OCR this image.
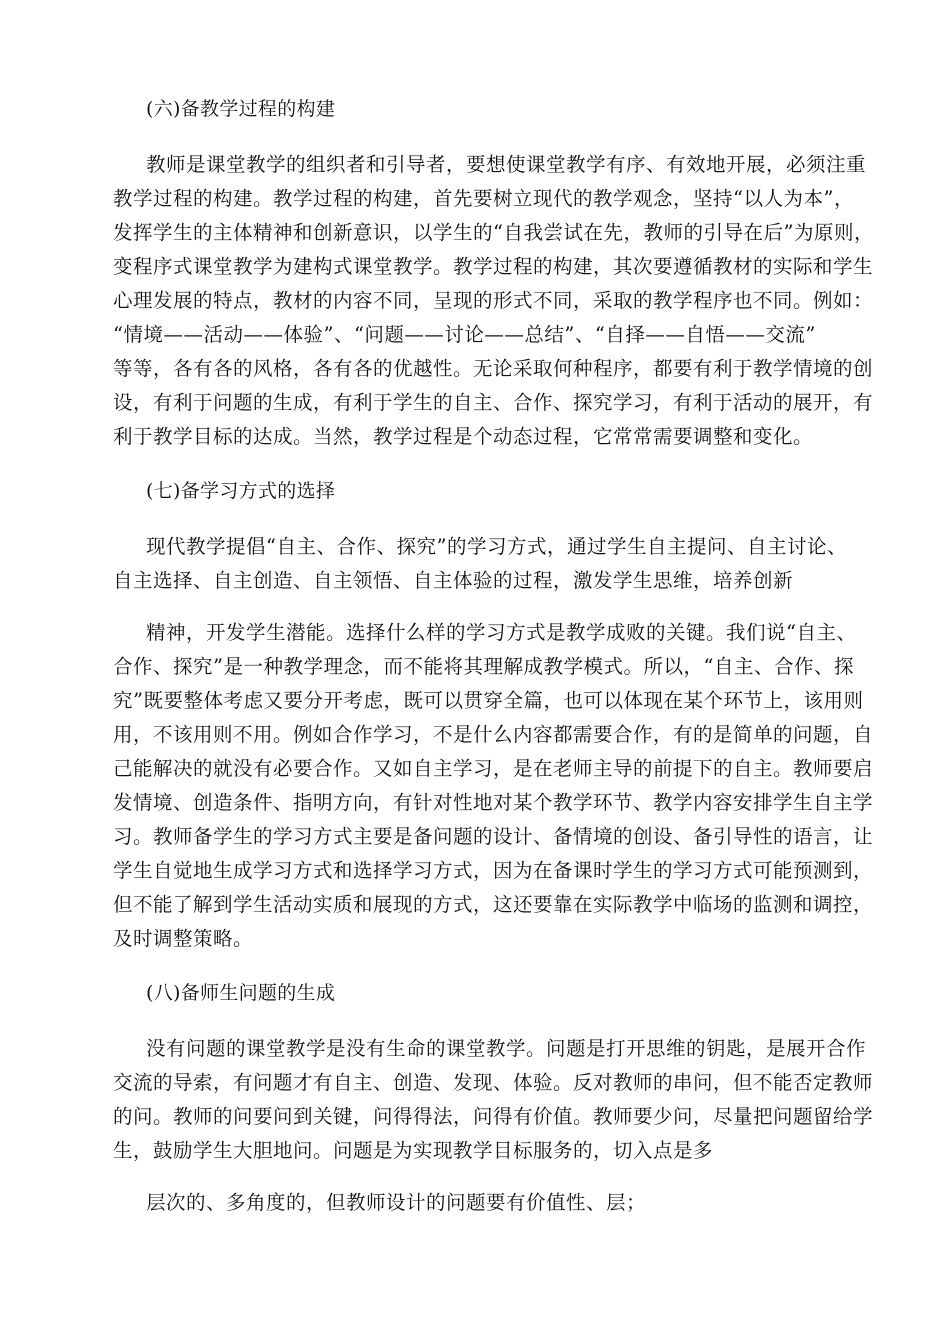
(六)备教学过程的构建
教师是课堂教学的组织者和引导者，要想使课堂教学有序、有效地开展，必须注重
教学过程的构建。教学过程的构建，首先要树立现代的教学观念，坚持“以人为本”，
发挥学生的主体精神和创新意识，以学生的“自我尝试在先，教师的引导在后”为原则，
变程序式课堂教学为建构式课堂教学。教学过程的构建，其次要遵循教材的实际和学生
心理发展的特点，教材的内容不同，呈现的形式不同，采取的教学程序也不同。例如：
“情境——活动——体验”、“问题——讨论——总结”、“自择——自悟——交流”
等等，各有各的风格，各有各的优越性。无论采取何种程序，都要有利于教学情境的创
设，有利于问题的生成，有利于学生的自主、合作、探究学习，有利于活动的展开，有
利于教学目标的达成。当然，教学过程是个动态过程，它常常需要调整和变化。
(七)备学习方式的选择
现代教学提倡“自主、合作、探究”的学习方式，通过学生自主提问、自主讨论、
自主选择、自主创造、自主领悟、自主体验的过程，激发学生思维，培养创新
精神，开发学生潜能。选择什么样的学习方式是教学成败的关键。我们说“自主、
合作、探究”是一种教学理念，而不能将其理解成教学模式。所以，“自主、合作、探
究”既要整体考虑又要分开考虑，既可以贯穿全篇，也可以体现在某个环节上，该用则
用，不该用则不用。例如合作学习，不是什么内容都需要合作，有的是简单的问题，自
己能解决的就没有必要合作。又如自主学习，是在老师主导的前提下的自主。教师要启
发情境、创造条件、指明方向，有针对性地对某个教学环节、教学内容安排学生自主学
习。教师备学生的学习方式主要是备问题的设计、备情境的创设、备引导性的语言，让
学生自觉地生成学习方式和选择学习方式，因为在备课时学生的学习方式可能预测到，
但不能了解到学生活动实质和展现的方式，这还要靠在实际教学中临场的监测和调控，
及时调整策略。
(八)备师生问题的生成
没有问题的课堂教学是没有生命的课堂教学。问题是打开思维的钥匙，是展开合作
交流的导索，有问题才有自主、创造、发现、体验。反对教师的串问，但不能否定教师
的问。教师的问要问到关键，问得得法，问得有价值。教师要少问，尽量把问题留给学
生，鼓励学生大胆地问。问题是为实现教学目标服务的，切入点是多
层次的、多角度的，但教师设计的问题要有价值性、层；
